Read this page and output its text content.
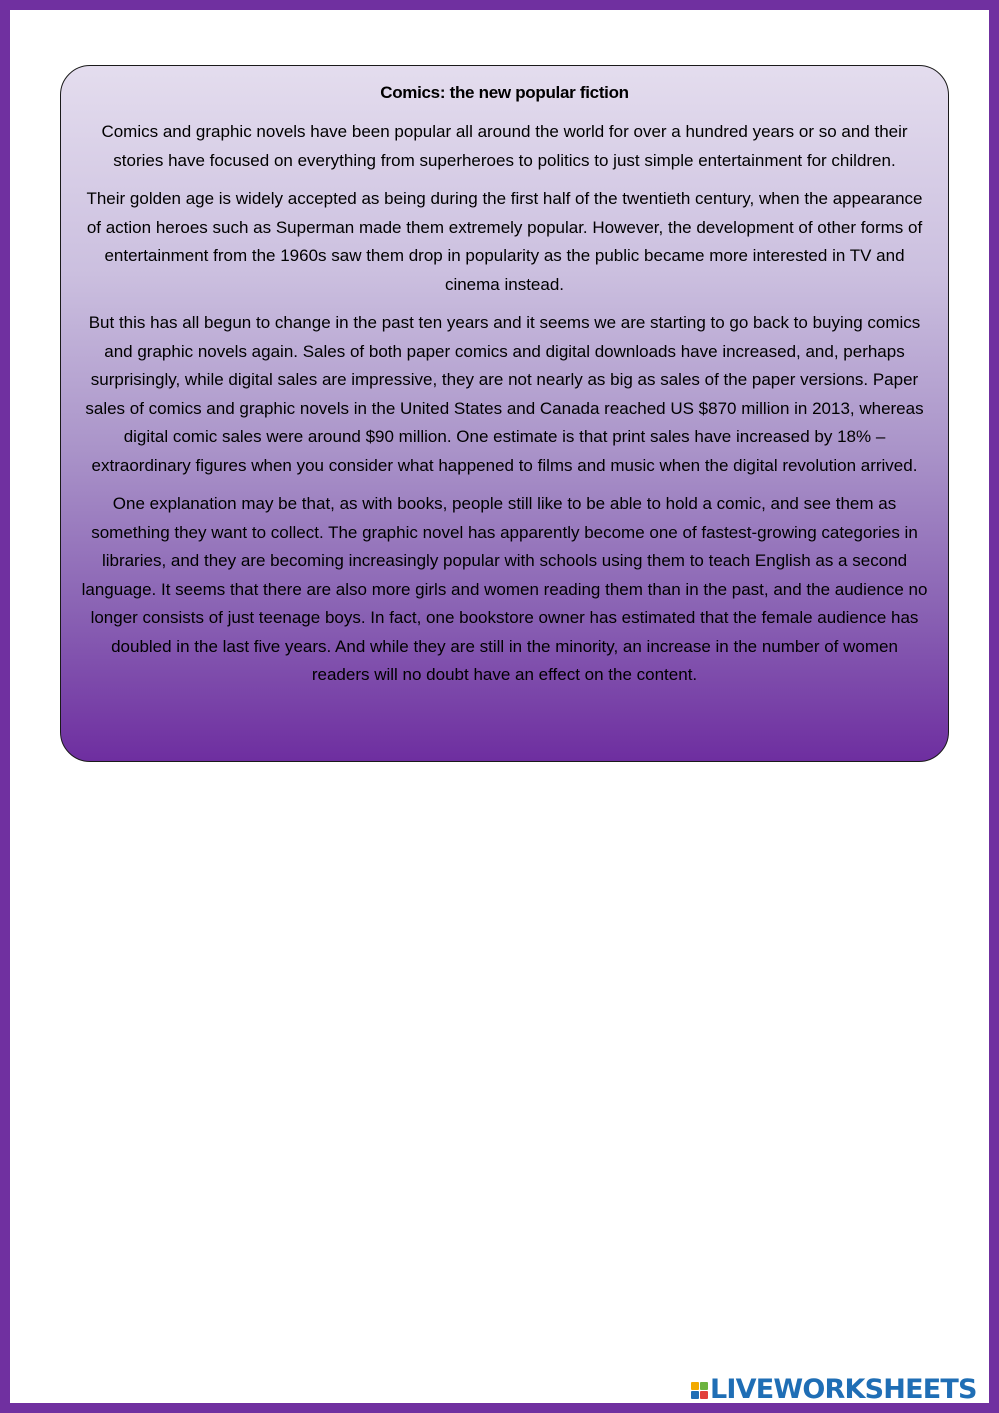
Comics: the new popular fiction

Comics and graphic novels have been popular all around the world for over a hundred years or so and their stories have focused on everything from superheroes to politics to just simple entertainment for children.

Their golden age is widely accepted as being during the first half of the twentieth century, when the appearance of action heroes such as Superman made them extremely popular. However, the development of other forms of entertainment from the 1960s saw them drop in popularity as the public became more interested in TV and cinema instead.

But this has all begun to change in the past ten years and it seems we are starting to go back to buying comics and graphic novels again. Sales of both paper comics and digital downloads have increased, and, perhaps surprisingly, while digital sales are impressive, they are not nearly as big as sales of the paper versions. Paper sales of comics and graphic novels in the United States and Canada reached US $870 million in 2013, whereas digital comic sales were around $90 million. One estimate is that print sales have increased by 18% – extraordinary figures when you consider what happened to films and music when the digital revolution arrived.

One explanation may be that, as with books, people still like to be able to hold a comic, and see them as something they want to collect. The graphic novel has apparently become one of fastest-growing categories in libraries, and they are becoming increasingly popular with schools using them to teach English as a second language. It seems that there are also more girls and women reading them than in the past, and the audience no longer consists of just teenage boys. In fact, one bookstore owner has estimated that the female audience has doubled in the last five years. And while they are still in the minority, an increase in the number of women readers will no doubt have an effect on the content.

LIVEWORKSHEETS
